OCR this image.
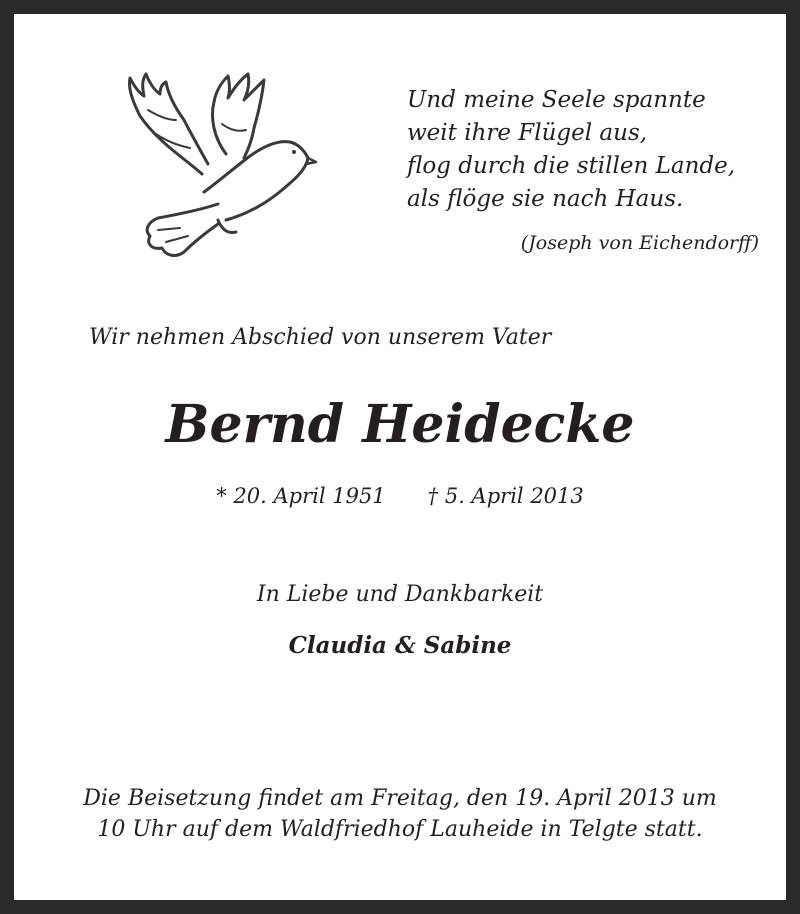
Und meine Seele spannte
weit ihre Flügel aus,
flog durch die stillen Lande,
als flöge sie nach Haus.
(Joseph von Eichendorff)
Wir nehmen Abschied von unserem Vater
Bernd Heidecke
* 20. April 1951 † 5. April 2013
In Liebe und Dankbarkeit
Claudia & Sabine
Die Beisetzung findet am Freitag, den 19. April 2013 um
10 Uhr auf dem Waldfriedhof Lauheide in Telgte statt.
